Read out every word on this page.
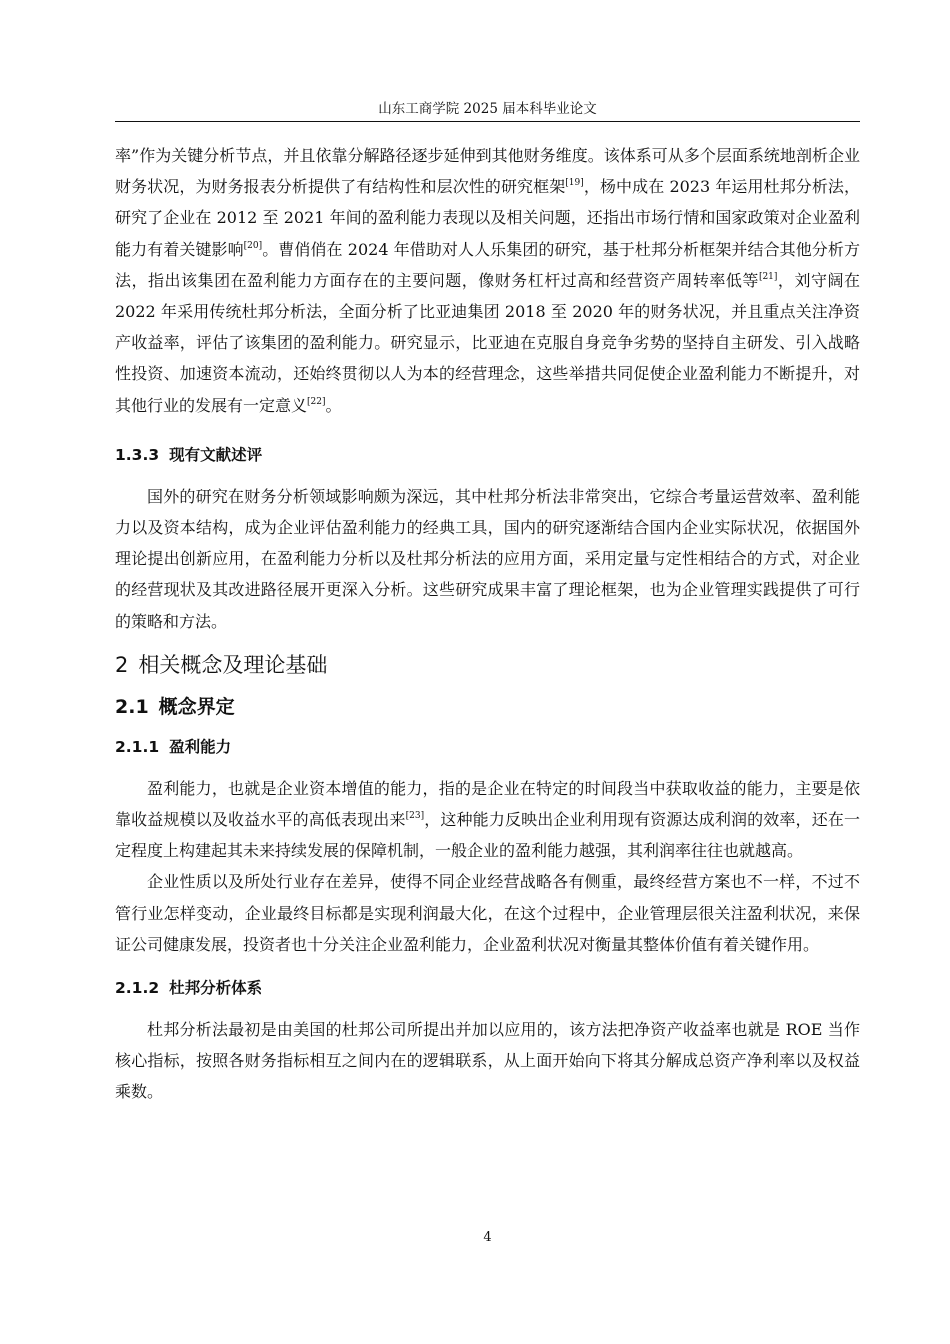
山东工商学院 2025 届本科毕业论文

率”作为关键分析节点，并且依靠分解路径逐步延伸到其他财务维度。该体系可从多个层面系统地剖析企业财务状况，为财务报表分析提供了有结构性和层次性的研究框架[19]，杨中成在 2023 年运用杜邦分析法，研究了企业在 2012 至 2021 年间的盈利能力表现以及相关问题，还指出市场行情和国家政策对企业盈利能力有着关键影响[20]。曹俏俏在 2024 年借助对人人乐集团的研究，基于杜邦分析框架并结合其他分析方法，指出该集团在盈利能力方面存在的主要问题，像财务杠杆过高和经营资产周转率低等[21]，刘守阔在 2022 年采用传统杜邦分析法，全面分析了比亚迪集团 2018 至 2020 年的财务状况，并且重点关注净资产收益率，评估了该集团的盈利能力。研究显示，比亚迪在克服自身竞争劣势的坚持自主研发、引入战略性投资、加速资本流动，还始终贯彻以人为本的经营理念，这些举措共同促使企业盈利能力不断提升，对其他行业的发展有一定意义[22]。

1.3.3 现有文献述评

国外的研究在财务分析领域影响颇为深远，其中杜邦分析法非常突出，它综合考量运营效率、盈利能力以及资本结构，成为企业评估盈利能力的经典工具，国内的研究逐渐结合国内企业实际状况，依据国外理论提出创新应用，在盈利能力分析以及杜邦分析法的应用方面，采用定量与定性相结合的方式，对企业的经营现状及其改进路径展开更深入分析。这些研究成果丰富了理论框架，也为企业管理实践提供了可行的策略和方法。

2 相关概念及理论基础
2.1 概念界定
2.1.1 盈利能力

盈利能力，也就是企业资本增值的能力，指的是企业在特定的时间段当中获取收益的能力，主要是依靠收益规模以及收益水平的高低表现出来[23]，这种能力反映出企业利用现有资源达成利润的效率，还在一定程度上构建起其未来持续发展的保障机制，一般企业的盈利能力越强，其利润率往往也就越高。

企业性质以及所处行业存在差异，使得不同企业经营战略各有侧重，最终经营方案也不一样，不过不管行业怎样变动，企业最终目标都是实现利润最大化，在这个过程中，企业管理层很关注盈利状况，来保证公司健康发展，投资者也十分关注企业盈利能力，企业盈利状况对衡量其整体价值有着关键作用。

2.1.2 杜邦分析体系

杜邦分析法最初是由美国的杜邦公司所提出并加以应用的，该方法把净资产收益率也就是 ROE 当作核心指标，按照各财务指标相互之间内在的逻辑联系，从上面开始向下将其分解成总资产净利率以及权益乘数。

4
